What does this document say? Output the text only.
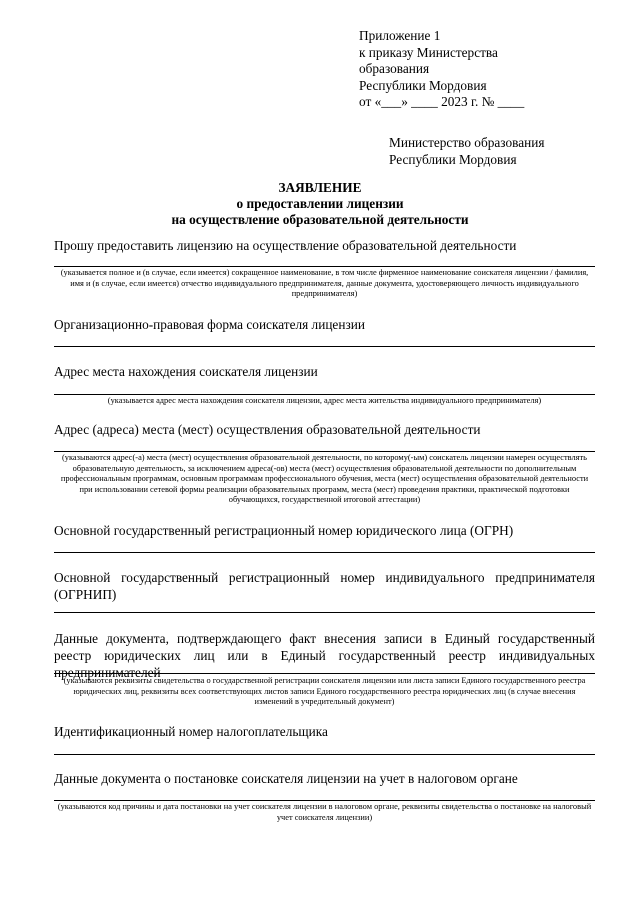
Приложение 1
к приказу Министерства
образования
Республики Мордовия
от «___» ____ 2023 г. № ____
Министерство образования
Республики Мордовия
ЗАЯВЛЕНИЕ
о предоставлении лицензии
на осуществление образовательной деятельности
Прошу предоставить лицензию на осуществление образовательной деятельности
(указывается полное и (в случае, если имеется) сокращенное наименование, в том числе фирменное наименование соискателя лицензии / фамилия, имя и (в случае, если имеется) отчество индивидуального предпринимателя, данные документа, удостоверяющего личность индивидуального предпринимателя)
Организационно-правовая форма соискателя лицензии
Адрес места нахождения соискателя лицензии
(указывается адрес места нахождения соискателя лицензии, адрес места жительства индивидуального предпринимателя)
Адрес (адреса) места (мест) осуществления образовательной деятельности
(указываются адрес(-а) места (мест) осуществления образовательной деятельности, по которому(-ым) соискатель лицензии намерен осуществлять образовательную деятельность, за исключением адреса(-ов) места (мест) осуществления образовательной деятельности по дополнительным профессиональным программам, основным программам профессионального обучения, места (мест) осуществления образовательной деятельности при использовании сетевой формы реализации образовательных программ, места (мест) проведения практики, практической подготовки обучающихся, государственной итоговой аттестации)
Основной государственный регистрационный номер юридического лица (ОГРН)
Основной государственный регистрационный номер индивидуального предпринимателя (ОГРНИП)
Данные документа, подтверждающего факт внесения записи в Единый государственный реестр юридических лиц или в Единый государственный реестр индивидуальных предпринимателей
(указываются реквизиты свидетельства о государственной регистрации соискателя лицензии или листа записи Единого государственного реестра юридических лиц, реквизиты всех соответствующих листов записи Единого государственного реестра юридических лиц (в случае внесения изменений в учредительный документ)
Идентификационный номер налогоплательщика
Данные документа о постановке соискателя лицензии на учет в налоговом органе
(указываются код причины и дата постановки на учет соискателя лицензии в налоговом органе, реквизиты свидетельства о постановке на налоговый учет соискателя лицензии)
